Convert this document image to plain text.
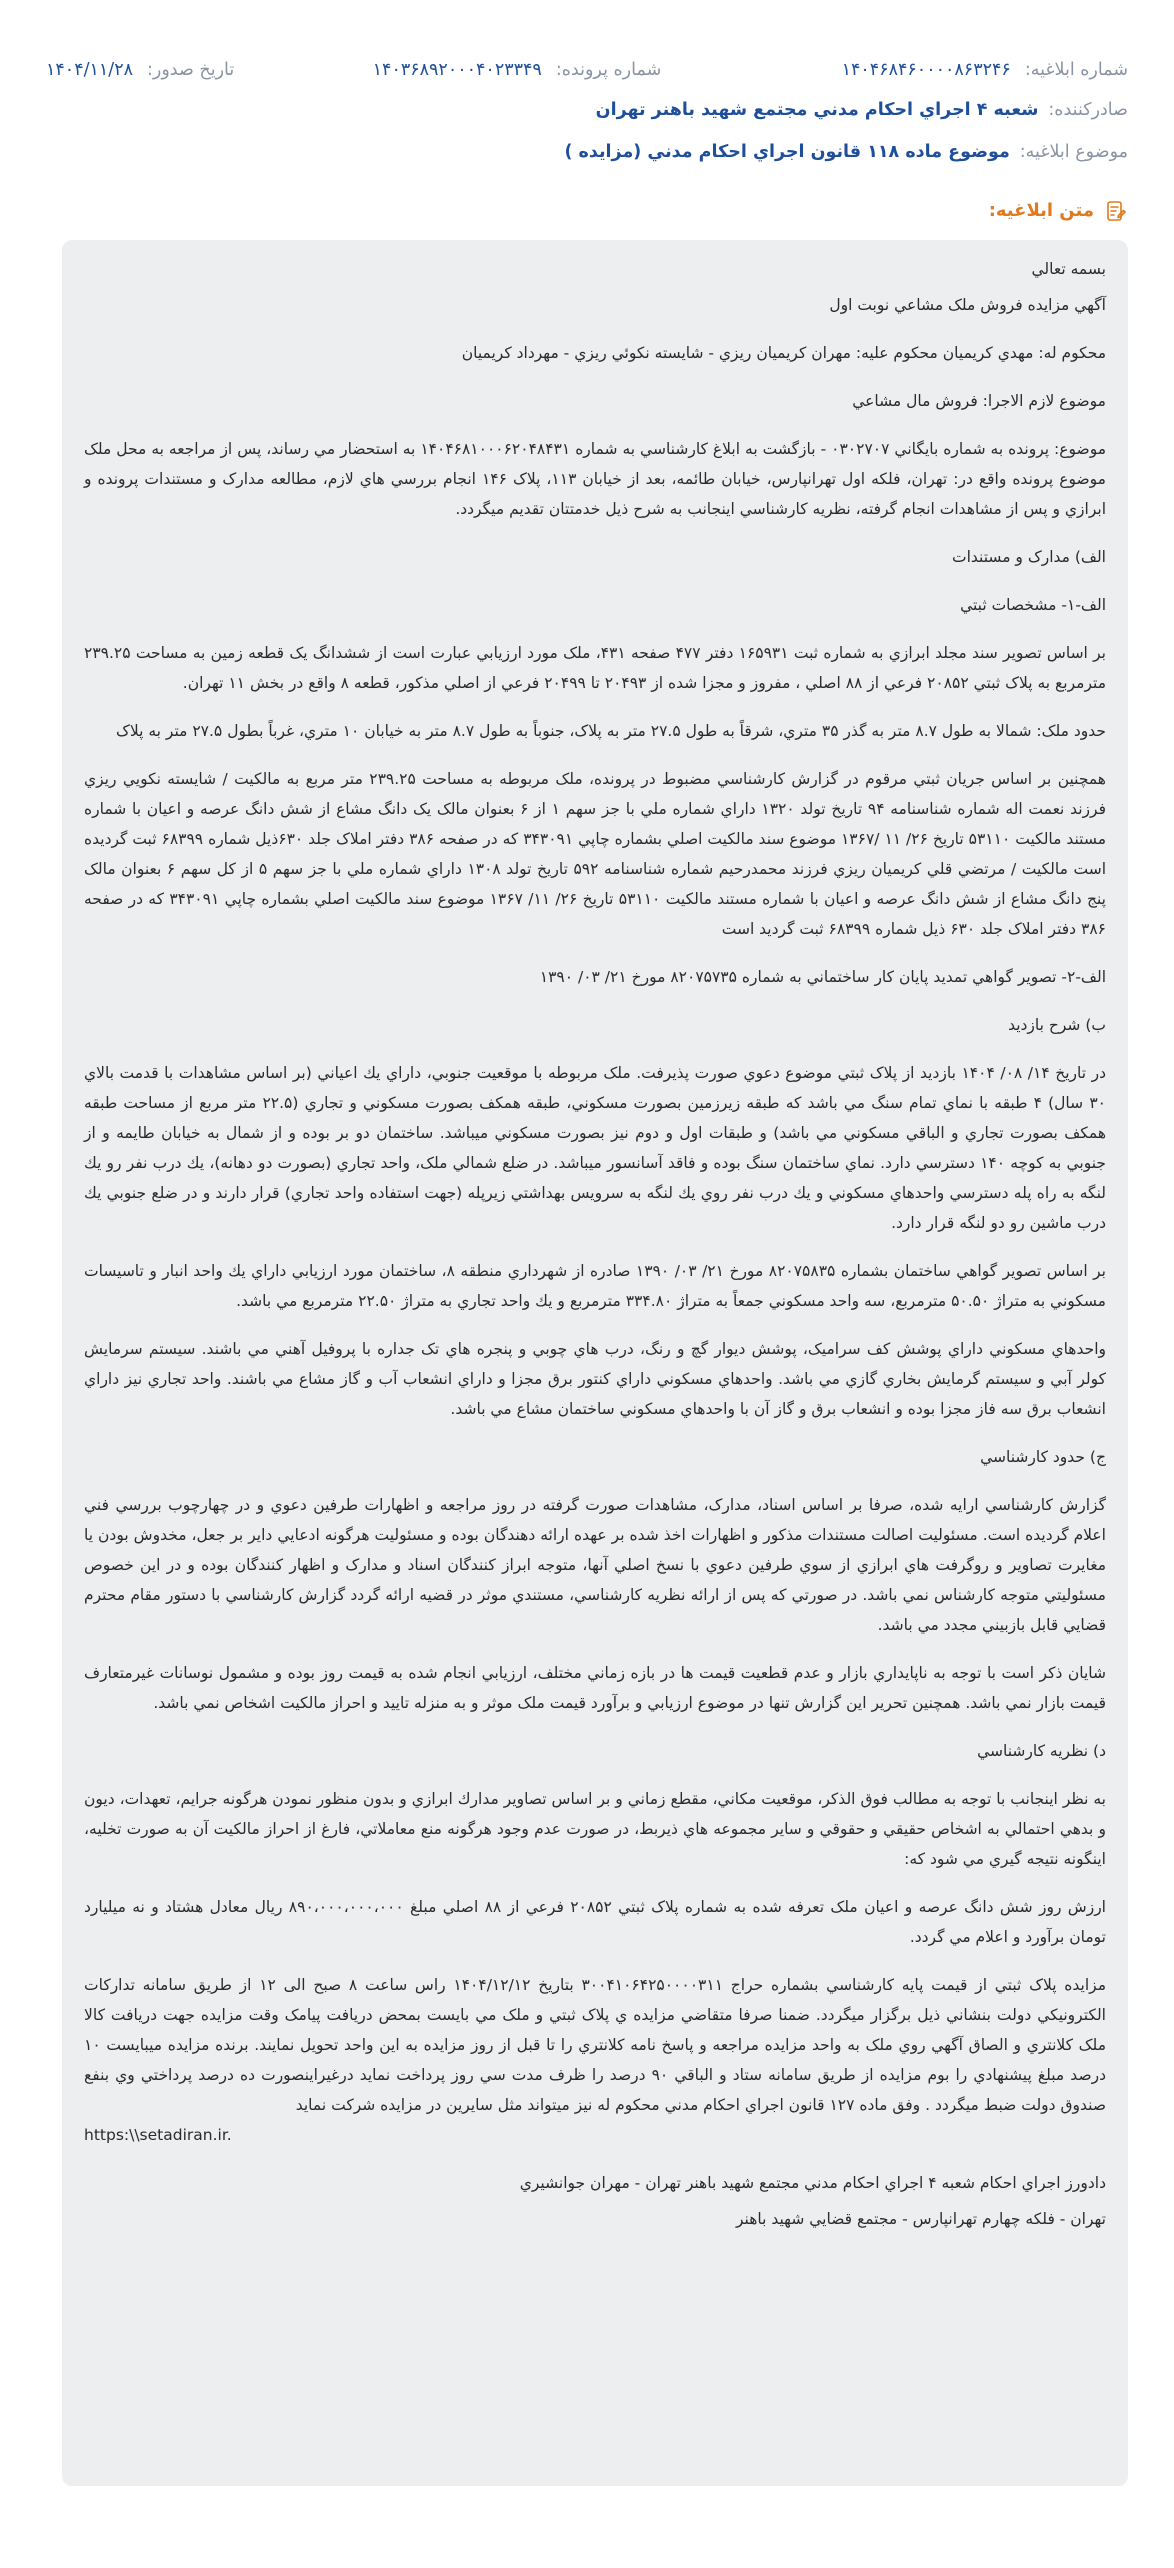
شماره ابلاغيه:
۱۴۰۴۶۸۴۶۰۰۰۰۸۶۳۲۴۶
شماره پرونده:
۱۴۰۳۶۸۹۲۰۰۰۴۰۲۳۳۴۹
تاريخ صدور:
۱۴۰۴/۱۱/۲۸
صادرکننده:
شعبه ۴ اجراي احکام مدني مجتمع شهيد باهنر تهران
موضوع ابلاغيه:
موضوع ماده ۱۱۸ قانون اجراي احکام مدني (مزايده )
متن ابلاغيه:

بسمه تعالي

آگهي مزايده فروش ملک مشاعي نوبت اول

محکوم له: مهدي کريميان محکوم عليه: مهران کريميان ريزي - شايسته نکوئي ريزي - مهرداد کريميان

موضوع لازم الاجرا: فروش مال مشاعي

موضوع: پرونده به شماره بايگاني ۰۳۰۲۷۰۷ - بازگشت به ابلاغ کارشناسي به شماره ۱۴۰۴۶۸۱۰۰۰۶۲۰۴۸۴۳۱ به استحضار مي رساند، پس از مراجعه به محل ملک موضوع پرونده واقع در: تهران، فلکه اول تهرانپارس، خيابان طائمه، بعد از خيابان ۱۱۳، پلاک ۱۴۶ انجام بررسي هاي لازم، مطالعه مدارک و مستندات پرونده و ابرازي و پس از مشاهدات انجام گرفته، نظريه کارشناسي اينجانب به شرح ذيل خدمتتان تقديم ميگردد.

الف) مدارک و مستندات

الف-۱- مشخصات ثبتي

بر اساس تصوير سند مجلد ابرازي به شماره ثبت ۱۶۵۹۳۱ دفتر ۴۷۷ صفحه ۴۳۱، ملک مورد ارزيابي عبارت است از ششدانگ يک قطعه زمين به مساحت ۲۳۹.۲۵ مترمربع به پلاک ثبتي ۲۰۸۵۲ فرعي از ۸۸ اصلي ، مفروز و مجزا شده از ۲۰۴۹۳ تا ۲۰۴۹۹ فرعي از اصلي مذکور، قطعه ۸ واقع در بخش ۱۱ تهران.

حدود ملک: شمالا به طول ۸.۷ متر به گذر ۳۵ متري، شرقاً به طول ۲۷.۵ متر به پلاک، جنوباً به طول ۸.۷ متر به خيابان ۱۰ متري، غرباً بطول ۲۷.۵ متر به پلاک

همچنين بر اساس جريان ثبتي مرقوم در گزارش کارشناسي مضبوط در پرونده، ملک مربوطه به مساحت ۲۳۹.۲۵ متر مربع به مالکيت / شايسته نکويي ريزي فرزند نعمت اله شماره شناسنامه ۹۴ تاريخ تولد ۱۳۲۰ داراي شماره ملي با جز سهم ۱ از ۶ بعنوان مالک يک دانگ مشاع از شش دانگ عرصه و اعيان با شماره مستند مالکيت ۵۳۱۱۰ تاريخ ۲۶/ ۱۱ /۱۳۶۷ موضوع سند مالکيت اصلي بشماره چاپي ۳۴۳۰۹۱ که در صفحه ۳۸۶ دفتر املاک جلد ۶۳۰ذيل شماره ۶۸۳۹۹ ثبت گرديده است مالکيت / مرتضي قلي کريميان ريزي فرزند محمدرحيم شماره شناسنامه ۵۹۲ تاريخ تولد ۱۳۰۸ داراي شماره ملي با جز سهم ۵ از کل سهم ۶ بعنوان مالک پنج دانگ مشاع از شش دانگ عرصه و اعيان با شماره مستند مالکيت ۵۳۱۱۰ تاريخ ۲۶/ ۱۱/ ۱۳۶۷ موضوع سند مالکيت اصلي بشماره چاپي ۳۴۳۰۹۱ که در صفحه ۳۸۶ دفتر املاک جلد ۶۳۰ ذيل شماره ۶۸۳۹۹ ثبت گرديد است

الف-۲- تصوير گواهي تمديد پايان کار ساختماني به شماره ۸۲۰۷۵۷۳۵ مورخ ۲۱/ ۰۳/ ۱۳۹۰

ب) شرح بازديد

در تاريخ ۱۴/ ۰۸/ ۱۴۰۴ بازديد از پلاک ثبتي موضوع دعوي صورت پذيرفت. ملک مربوطه با موقعيت جنوبي، داراي يك اعياني (بر اساس مشاهدات با قدمت بالاي ۳۰ سال) ۴ طبقه با نماي تمام سنگ مي باشد که طبقه زيرزمين بصورت مسکوني، طبقه همکف بصورت مسکوني و تجاري (۲۲.۵ متر مربع از مساحت طبقه همکف بصورت تجاري و الباقي مسکوني مي باشد) و طبقات اول و دوم نيز بصورت مسکوني ميباشد. ساختمان دو بر بوده و از شمال به خيابان طايمه و از جنوبي به کوچه ۱۴۰ دسترسي دارد. نماي ساختمان سنگ بوده و فاقد آسانسور ميباشد. در ضلع شمالي ملک، واحد تجاري (بصورت دو دهانه)، يك درب نفر رو يك لنگه به راه پله دسترسي واحدهاي مسکوني و يك درب نفر روي يك لنگه به سرويس بهداشتي زيرپله (جهت استفاده واحد تجاري) قرار دارند و در ضلع جنوبي يك درب ماشين رو دو لنگه قرار دارد.

بر اساس تصوير گواهي ساختمان بشماره ۸۲۰۷۵۸۳۵ مورخ ۲۱/ ۰۳/ ۱۳۹۰ صادره از شهرداري منطقه ۸، ساختمان مورد ارزيابي داراي يك واحد انبار و تاسيسات مسکوني به متراژ ۵۰.۵۰ مترمربع، سه واحد مسکوني جمعاً به متراژ ۳۳۴.۸۰ مترمربع و يك واحد تجاري به متراژ ۲۲.۵۰ مترمربع مي باشد.

واحدهاي مسکوني داراي پوشش کف سراميک، پوشش ديوار گچ و رنگ، درب هاي چوبي و پنجره هاي تک جداره با پروفيل آهني مي باشند. سيستم سرمايش کولر آبي و سيستم گرمايش بخاري گازي مي باشد. واحدهاي مسکوني داراي کنتور برق مجزا و داراي انشعاب آب و گاز مشاع مي باشند. واحد تجاري نيز داراي انشعاب برق سه فاز مجزا بوده و انشعاب برق و گاز آن با واحدهاي مسکوني ساختمان مشاع مي باشد.

ج) حدود کارشناسي

گزارش کارشناسي ارايه شده، صرفا بر اساس اسناد، مدارک، مشاهدات صورت گرفته در روز مراجعه و اظهارات طرفين دعوي و در چهارچوب بررسي فني اعلام گرديده است. مسئوليت اصالت مستندات مذکور و اظهارات اخذ شده بر عهده ارائه دهندگان بوده و مسئوليت هرگونه ادعايي داير بر جعل، مخدوش بودن يا مغايرت تصاوير و روگرفت هاي ابرازي از سوي طرفين دعوي با نسخ اصلي آنها، متوجه ابراز کنندگان اسناد و مدارک و اظهار کنندگان بوده و در اين خصوص مسئوليتي متوجه کارشناس نمي باشد. در صورتي که پس از ارائه نظريه کارشناسي، مستندي موثر در قضيه ارائه گردد گزارش کارشناسي با دستور مقام محترم قضايي قابل بازبيني مجدد مي باشد.

شايان ذکر است با توجه به ناپايداري بازار و عدم قطعيت قيمت ها در بازه زماني مختلف، ارزيابي انجام شده به قيمت روز بوده و مشمول نوسانات غيرمتعارف قيمت بازار نمي باشد. همچنين تحرير اين گزارش تنها در موضوع ارزيابي و برآورد قيمت ملک موثر و به منزله تاييد و احراز مالکيت اشخاص نمي باشد.

د) نظريه کارشناسي

به نظر اينجانب با توجه به مطالب فوق الذکر، موقعيت مکاني، مقطع زماني و بر اساس تصاوير مدارك ابرازي و بدون منظور نمودن هرگونه جرايم، تعهدات، ديون و بدهي احتمالي به اشخاص حقيقي و حقوقي و ساير مجموعه هاي ذيربط، در صورت عدم وجود هرگونه منع معاملاتي، فارغ از احراز مالکيت آن به صورت تخليه، اينگونه نتيجه گيري مي شود که:

ارزش روز شش دانگ عرصه و اعيان ملک تعرفه شده به شماره پلاک ثبتي ۲۰۸۵۲ فرعي از ۸۸ اصلي مبلغ ۸۹۰،۰۰۰،۰۰۰،۰۰۰ ريال معادل هشتاد و نه ميليارد تومان برآورد و اعلام مي گردد.

مزايده پلاک ثبتي از قيمت پايه کارشناسي بشماره حراج ۳۰۰۴۱۰۶۴۲۵۰۰۰۰۳۱۱ بتاريخ ۱۴۰۴/۱۲/۱۲ راس ساعت ۸ صبح الی ۱۲ از طريق سامانه تدارکات الکترونيکي دولت بنشاني ذيل برگزار ميگردد. ضمنا صرفا متقاضي مزايده ي پلاک ثبتي و ملک مي بايست بمحض دريافت پيامک وقت مزايده جهت دريافت کالا ملک کلانتري و الصاق آگهي روي ملک به واحد مزايده مراجعه و پاسخ نامه کلانتري را تا قبل از روز مزايده به اين واحد تحويل نمايند. برنده مزايده ميبايست ۱۰ درصد مبلغ پيشنهادي را بوم مزايده از طريق سامانه ستاد و الباقي ۹۰ درصد را ظرف مدت سي روز پرداخت نمايد درغيراينصورت ده درصد پرداختي وي بنفع صندوق دولت ضبط ميگردد . وفق ماده ۱۲۷ قانون اجراي احکام مدني محکوم له نيز ميتواند مثل سايرين در مزايده شرکت نمايد

https:\\setadiran.ir.

دادورز اجراي احکام شعبه ۴ اجراي احکام مدني مجتمع شهيد باهنر تهران - مهران جوانشيري

تهران - فلکه چهارم تهرانپارس - مجتمع قضايي شهيد باهنر
